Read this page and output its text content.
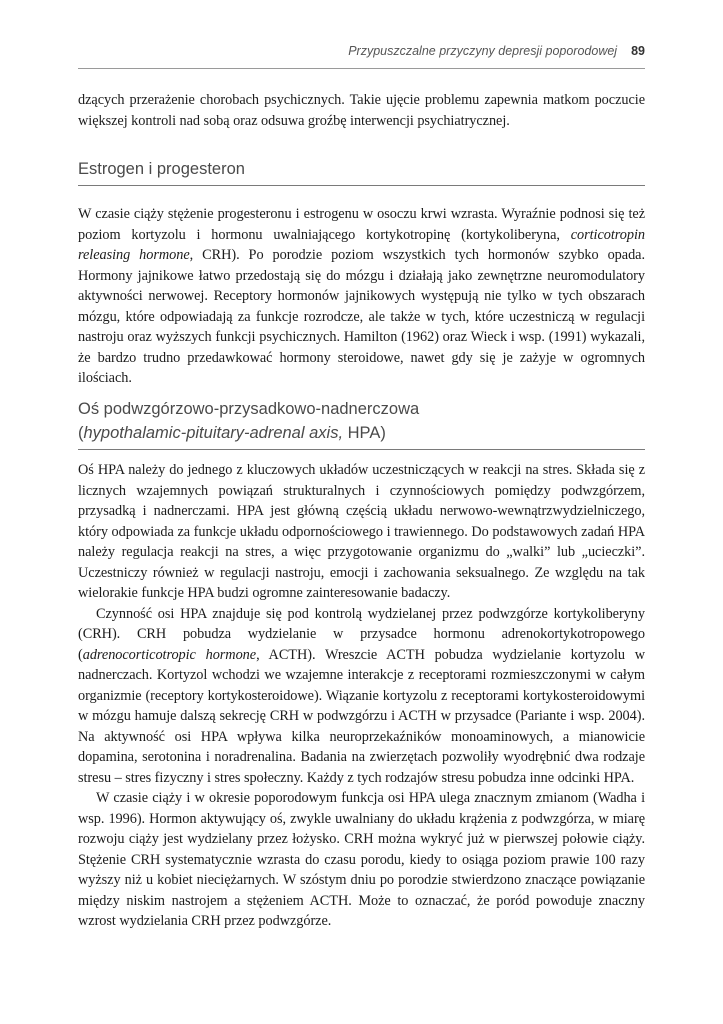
Przypuszczalne przyczyny depresji poporodowej 89

dzących przerażenie chorobach psychicznych. Takie ujęcie problemu zapewnia matkom poczucie większej kontroli nad sobą oraz odsuwa groźbę interwencji psychiatrycznej.

Estrogen i progesteron

W czasie ciąży stężenie progesteronu i estrogenu w osoczu krwi wzrasta. Wyraźnie podnosi się też poziom kortyzolu i hormonu uwalniającego kortykotropinę (kortykoliberyna, corticotropin releasing hormone, CRH). Po porodzie poziom wszystkich tych hormonów szybko opada. Hormony jajnikowe łatwo przedostają się do mózgu i działają jako zewnętrzne neuromodulatory aktywności nerwowej. Receptory hormonów jajnikowych występują nie tylko w tych obszarach mózgu, które odpowiadają za funkcje rozrodcze, ale także w tych, które uczestniczą w regulacji nastroju oraz wyższych funkcji psychicznych. Hamilton (1962) oraz Wieck i wsp. (1991) wykazali, że bardzo trudno przedawkować hormony steroidowe, nawet gdy się je zażyje w ogromnych ilościach.

Oś podwzgórzowo-przysadkowo-nadnerczowa
(hypothalamic-pituitary-adrenal axis, HPA)

Oś HPA należy do jednego z kluczowych układów uczestniczących w reakcji na stres. Składa się z licznych wzajemnych powiązań strukturalnych i czynnościowych pomiędzy podwzgórzem, przysadką i nadnerczami. HPA jest główną częścią układu nerwowo-wewnątrzwydzielniczego, który odpowiada za funkcje układu odpornościowego i trawiennego. Do podstawowych zadań HPA należy regulacja reakcji na stres, a więc przygotowanie organizmu do „walki” lub „ucieczki”. Uczestniczy również w regulacji nastroju, emocji i zachowania seksualnego. Ze względu na tak wielorakie funkcje HPA budzi ogromne zainteresowanie badaczy.

Czynność osi HPA znajduje się pod kontrolą wydzielanej przez podwzgórze kortykoliberyny (CRH). CRH pobudza wydzielanie w przysadce hormonu adrenokortykotropowego (adrenocorticotropic hormone, ACTH). Wreszcie ACTH pobudza wydzielanie kortyzolu w nadnerczach. Kortyzol wchodzi we wzajemne interakcje z receptorami rozmieszczonymi w całym organizmie (receptory kortykosteroidowe). Wiązanie kortyzolu z receptorami kortykosteroidowymi w mózgu hamuje dalszą sekrecję CRH w podwzgórzu i ACTH w przysadce (Pariante i wsp. 2004). Na aktywność osi HPA wpływa kilka neuroprzekaźników monoaminowych, a mianowicie dopamina, serotonina i noradrenalina. Badania na zwierzętach pozwoliły wyodrębnić dwa rodzaje stresu – stres fizyczny i stres społeczny. Każdy z tych rodzajów stresu pobudza inne odcinki HPA.

W czasie ciąży i w okresie poporodowym funkcja osi HPA ulega znacznym zmianom (Wadha i wsp. 1996). Hormon aktywujący oś, zwykle uwalniany do układu krążenia z podwzgórza, w miarę rozwoju ciąży jest wydzielany przez łożysko. CRH można wykryć już w pierwszej połowie ciąży. Stężenie CRH systematycznie wzrasta do czasu porodu, kiedy to osiąga poziom prawie 100 razy wyższy niż u kobiet nieciężarnych. W szóstym dniu po porodzie stwierdzono znaczące powiązanie między niskim nastrojem a stężeniem ACTH. Może to oznaczać, że poród powoduje znaczny wzrost wydzielania CRH przez podwzgórze.
